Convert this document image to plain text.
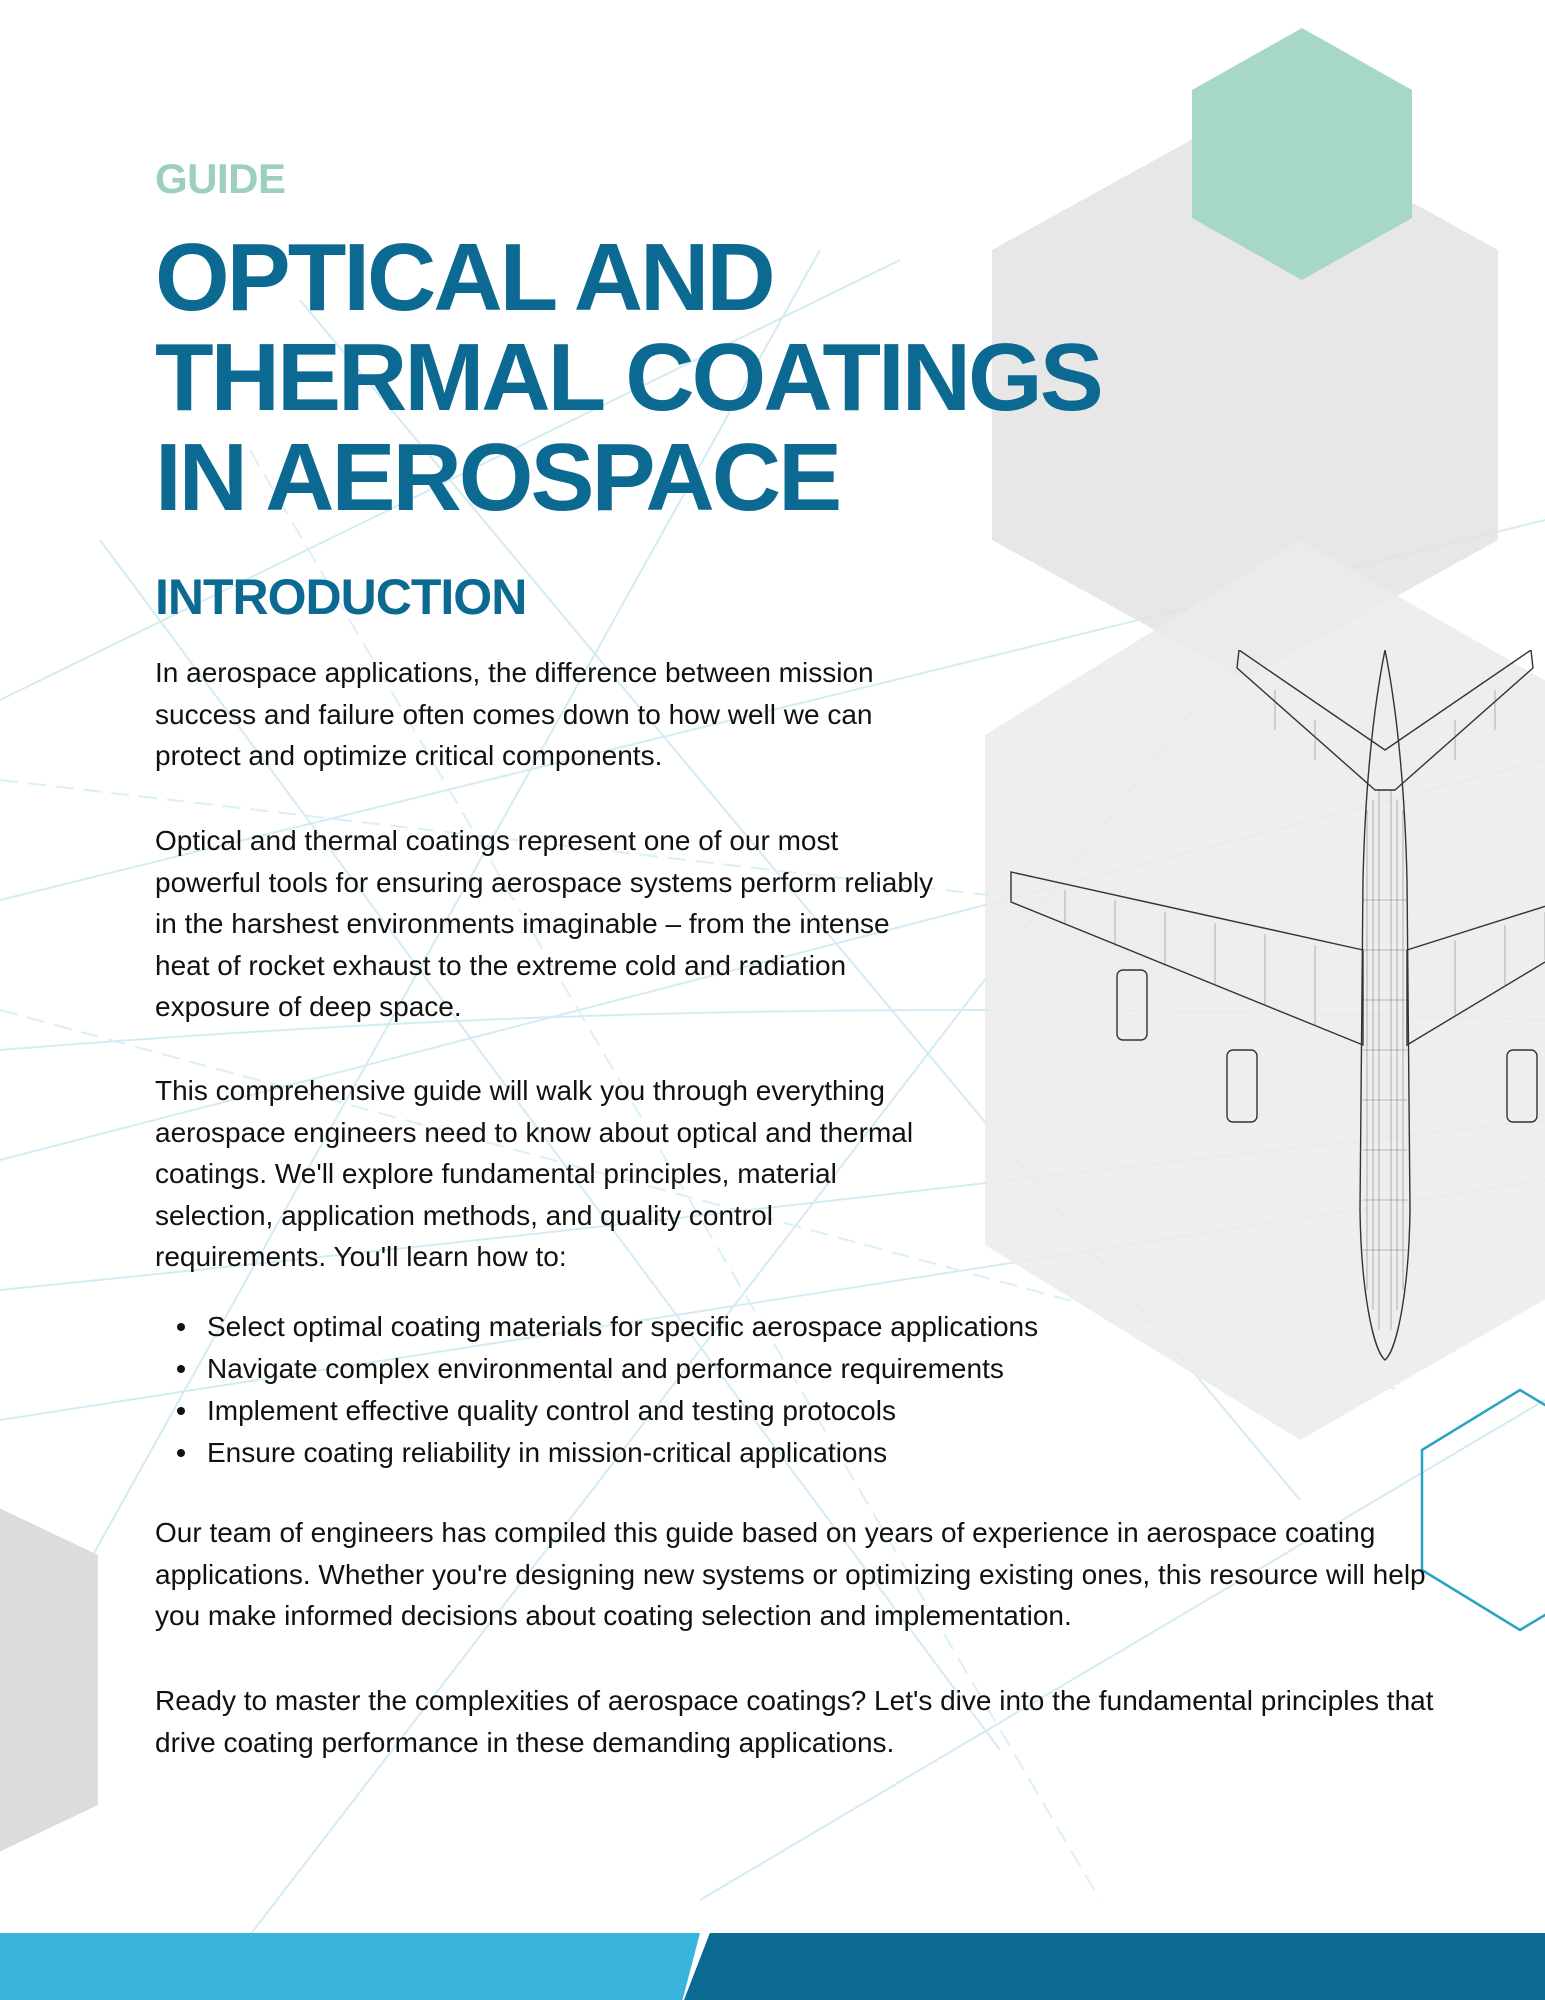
GUIDE
OPTICAL AND
THERMAL COATINGS
IN AEROSPACE
INTRODUCTION

In aerospace applications, the difference between mission
success and failure often comes down to how well we can
protect and optimize critical components.

Optical and thermal coatings represent one of our most
powerful tools for ensuring aerospace systems perform reliably
in the harshest environments imaginable – from the intense
heat of rocket exhaust to the extreme cold and radiation
exposure of deep space.

This comprehensive guide will walk you through everything
aerospace engineers need to know about optical and thermal
coatings. We'll explore fundamental principles, material
selection, application methods, and quality control
requirements. You'll learn how to:

Select optimal coating materials for specific aerospace applications
Navigate complex environmental and performance requirements
Implement effective quality control and testing protocols
Ensure coating reliability in mission-critical applications

Our team of engineers has compiled this guide based on years of experience in aerospace coating
applications. Whether you're designing new systems or optimizing existing ones, this resource will help
you make informed decisions about coating selection and implementation.

Ready to master the complexities of aerospace coatings? Let's dive into the fundamental principles that
drive coating performance in these demanding applications.
